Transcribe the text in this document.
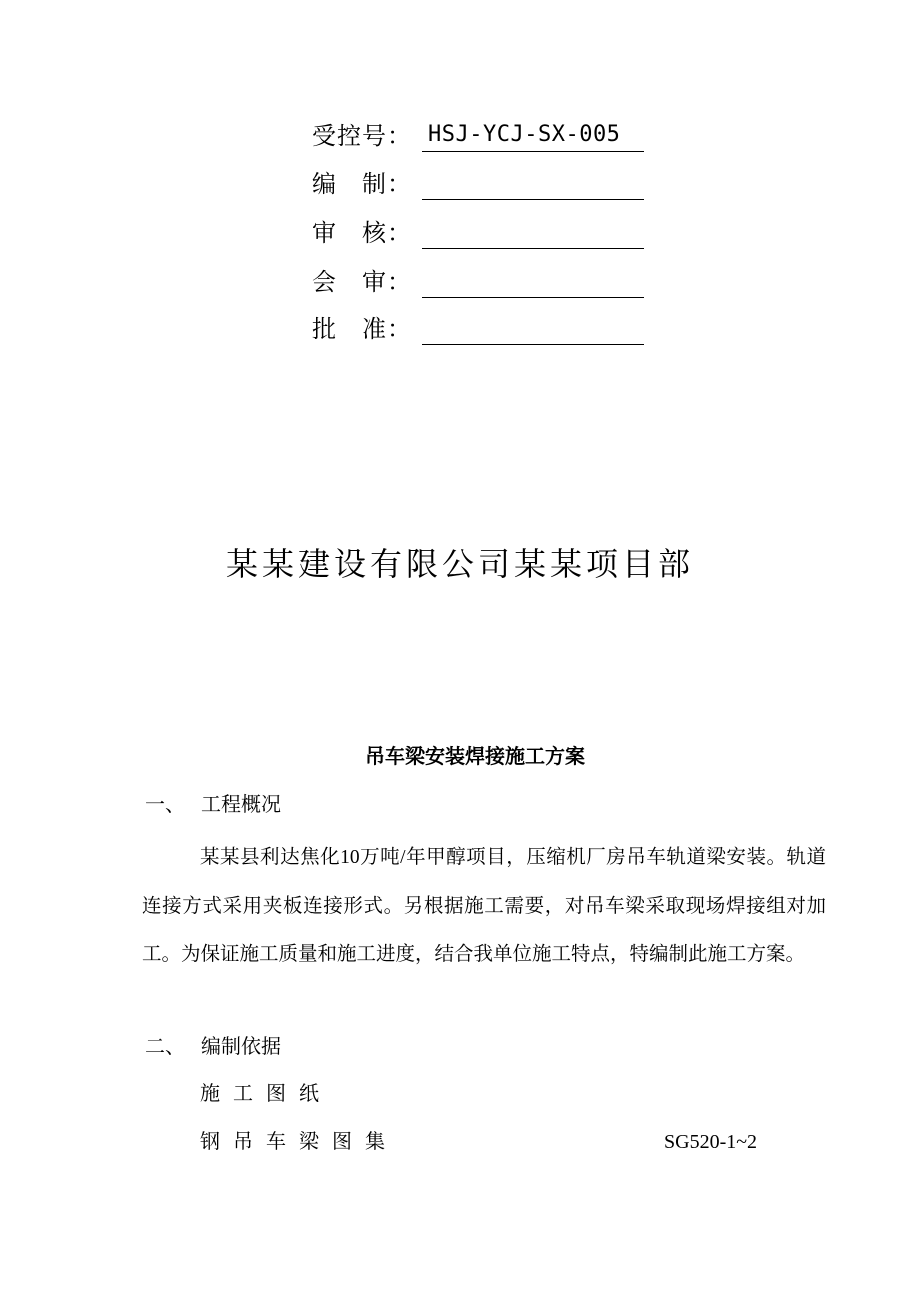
受控号： HSJ-YCJ-SX-005
编　制：
审　核：
会　审：
批　准：
某某建设有限公司某某项目部
吊车梁安装焊接施工方案
一、 工程概况

某某县利达焦化10万吨/年甲醇项目，压缩机厂房吊车轨道梁安装。轨道连接方式采用夹板连接形式。另根据施工需要，对吊车梁采取现场焊接组对加工。为保证施工质量和施工进度，结合我单位施工特点，特编制此施工方案。

二、 编制依据
施工图纸
钢吊车梁图集	SG520-1~2
